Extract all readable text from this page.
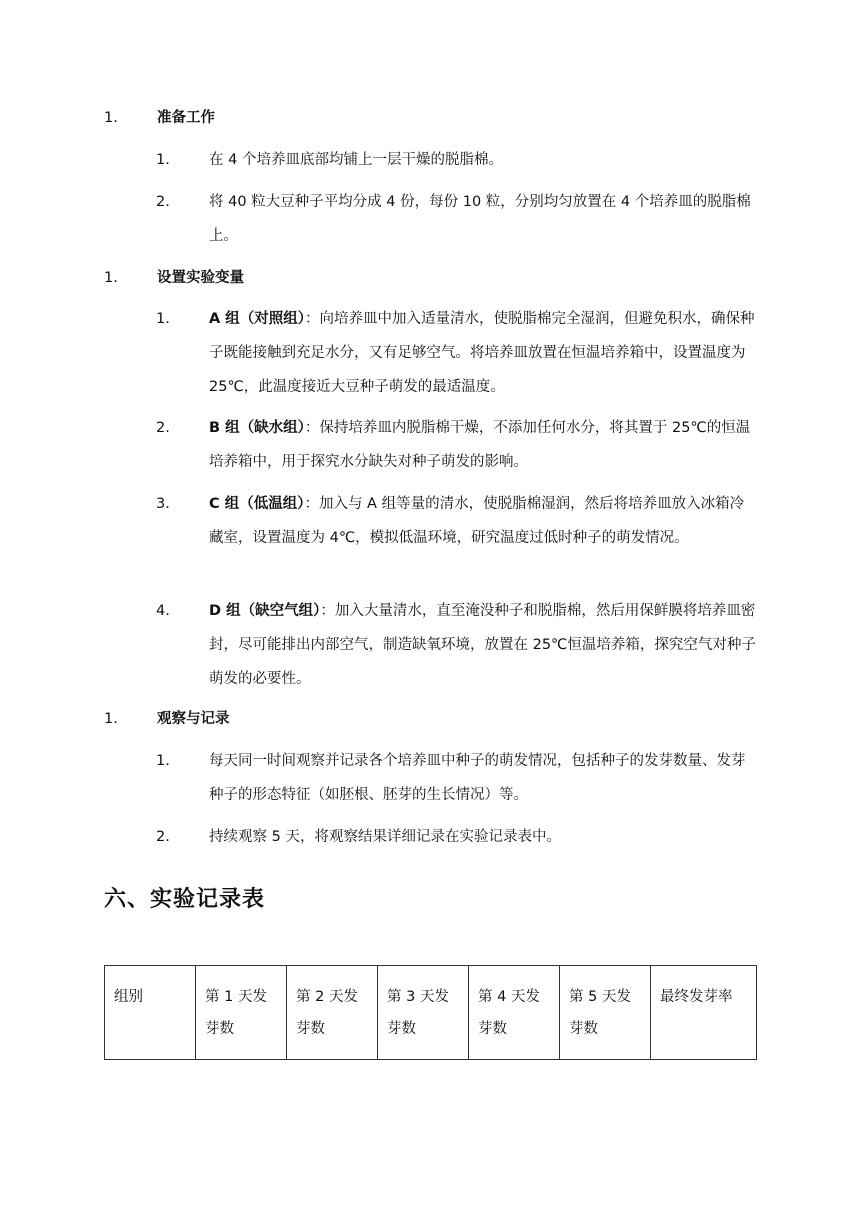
1.	准备工作
1.	在 4 个培养皿底部均铺上一层干燥的脱脂棉。
2.	将 40 粒大豆种子平均分成 4 份，每份 10 粒，分别均匀放置在 4 个培养皿的脱脂棉上。
1.	设置实验变量
1.	A 组（对照组）：向培养皿中加入适量清水，使脱脂棉完全湿润，但避免积水，确保种子既能接触到充足水分，又有足够空气。将培养皿放置在恒温培养箱中，设置温度为 25℃，此温度接近大豆种子萌发的最适温度。
2.	B 组（缺水组）：保持培养皿内脱脂棉干燥，不添加任何水分，将其置于 25℃的恒温培养箱中，用于探究水分缺失对种子萌发的影响。
3.	C 组（低温组）：加入与 A 组等量的清水，使脱脂棉湿润，然后将培养皿放入冰箱冷藏室，设置温度为 4℃，模拟低温环境，研究温度过低时种子的萌发情况。
4.	D 组（缺空气组）：加入大量清水，直至淹没种子和脱脂棉，然后用保鲜膜将培养皿密封，尽可能排出内部空气，制造缺氧环境，放置在 25℃恒温培养箱，探究空气对种子萌发的必要性。
1.	观察与记录
1.	每天同一时间观察并记录各个培养皿中种子的萌发情况，包括种子的发芽数量、发芽种子的形态特征（如胚根、胚芽的生长情况）等。
2.	持续观察 5 天，将观察结果详细记录在实验记录表中。
六、实验记录表
组别	第 1 天发芽数	第 2 天发芽数	第 3 天发芽数	第 4 天发芽数	第 5 天发芽数	最终发芽率
